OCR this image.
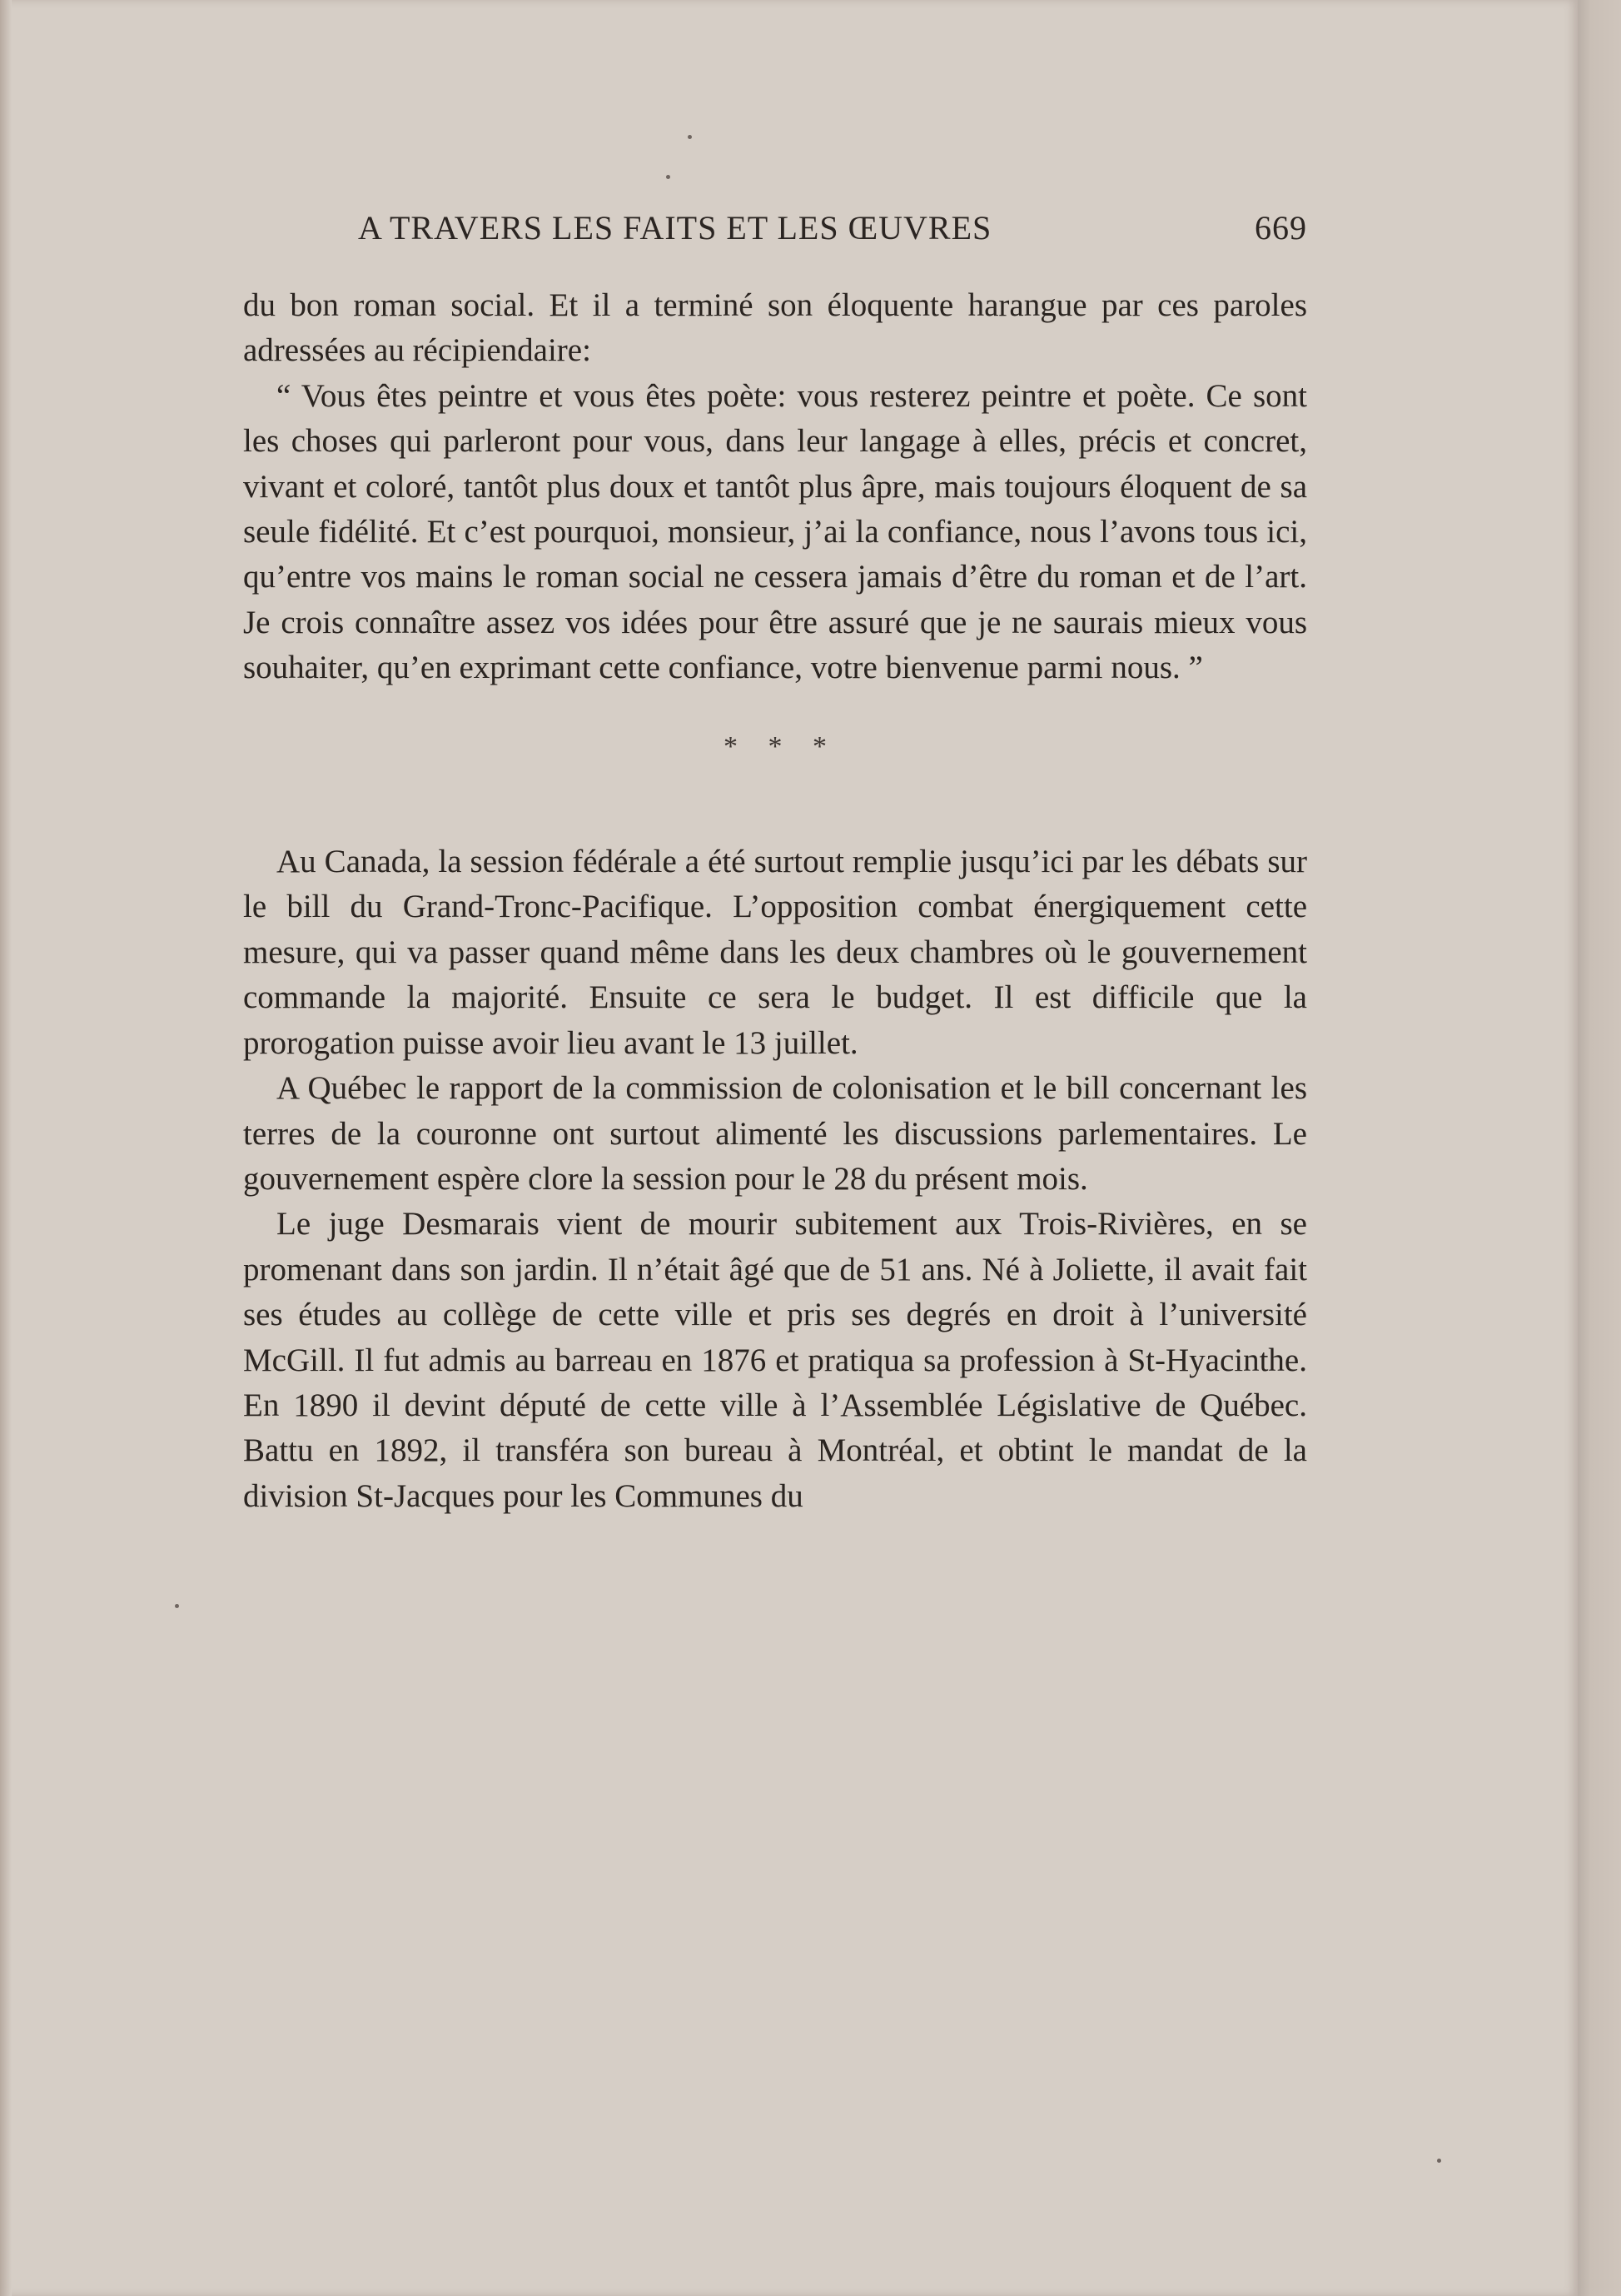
A TRAVERS LES FAITS ET LES ŒUVRES	669

du bon roman social. Et il a terminé son éloquente harangue par ces paroles adressées au récipiendaire:

“ Vous êtes peintre et vous êtes poète: vous resterez peintre et poète. Ce sont les choses qui parleront pour vous, dans leur langage à elles, précis et concret, vivant et coloré, tantôt plus doux et tantôt plus âpre, mais toujours éloquent de sa seule fidélité. Et c’est pourquoi, monsieur, j’ai la confiance, nous l’avons tous ici, qu’entre vos mains le roman social ne cessera jamais d’être du roman et de l’art. Je crois connaître assez vos idées pour être assuré que je ne saurais mieux vous souhaiter, qu’en exprimant cette confiance, votre bienvenue parmi nous. ”

* * *

Au Canada, la session fédérale a été surtout remplie jusqu’ici par les débats sur le bill du Grand-Tronc-Pacifique. L’opposition combat énergiquement cette mesure, qui va passer quand même dans les deux chambres où le gouvernement commande la majorité. Ensuite ce sera le budget. Il est difficile que la prorogation puisse avoir lieu avant le 13 juillet.

A Québec le rapport de la commission de colonisation et le bill concernant les terres de la couronne ont surtout alimenté les discussions parlementaires. Le gouvernement espère clore la session pour le 28 du présent mois.

Le juge Desmarais vient de mourir subitement aux Trois-Rivières, en se promenant dans son jardin. Il n’était âgé que de 51 ans. Né à Joliette, il avait fait ses études au collège de cette ville et pris ses degrés en droit à l’université McGill. Il fut admis au barreau en 1876 et pratiqua sa profession à St-Hyacinthe. En 1890 il devint député de cette ville à l’Assemblée Législative de Québec. Battu en 1892, il transféra son bureau à Montréal, et obtint le mandat de la division St-Jacques pour les Communes du
